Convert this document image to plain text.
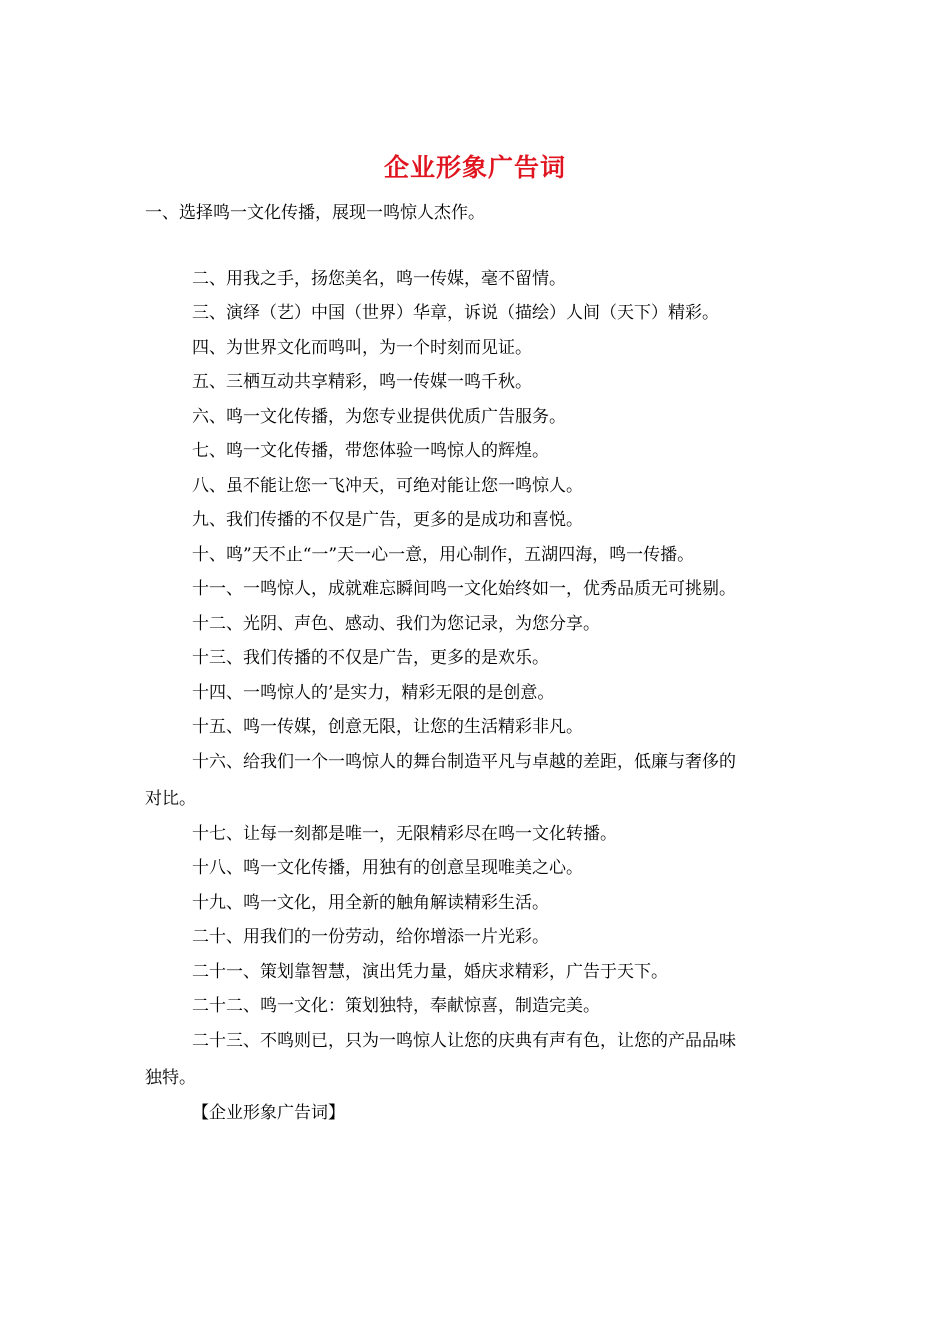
企业形象广告词
一、选择鸣一文化传播，展现一鸣惊人杰作。
二、用我之手，扬您美名，鸣一传媒，毫不留情。
三、演绎（艺）中国（世界）华章，诉说（描绘）人间（天下）精彩。
四、为世界文化而鸣叫，为一个时刻而见证。
五、三栖互动共享精彩，鸣一传媒一鸣千秋。
六、鸣一文化传播，为您专业提供优质广告服务。
七、鸣一文化传播，带您体验一鸣惊人的辉煌。
八、虽不能让您一飞冲天，可绝对能让您一鸣惊人。
九、我们传播的不仅是广告，更多的是成功和喜悦。
十、鸣”天不止“一”天一心一意，用心制作，五湖四海，鸣一传播。
十一、一鸣惊人，成就难忘瞬间鸣一文化始终如一，优秀品质无可挑剔。
十二、光阴、声色、感动、我们为您记录，为您分享。
十三、我们传播的不仅是广告，更多的是欢乐。
十四、一鸣惊人的’是实力，精彩无限的是创意。
十五、鸣一传媒，创意无限，让您的生活精彩非凡。
十六、给我们一个一鸣惊人的舞台制造平凡与卓越的差距，低廉与奢侈的
对比。
十七、让每一刻都是唯一，无限精彩尽在鸣一文化转播。
十八、鸣一文化传播，用独有的创意呈现唯美之心。
十九、鸣一文化，用全新的触角解读精彩生活。
二十、用我们的一份劳动，给你增添一片光彩。
二十一、策划靠智慧，演出凭力量，婚庆求精彩，广告于天下。
二十二、鸣一文化：策划独特，奉献惊喜，制造完美。
二十三、不鸣则已，只为一鸣惊人让您的庆典有声有色，让您的产品品味
独特。
【企业形象广告词】
